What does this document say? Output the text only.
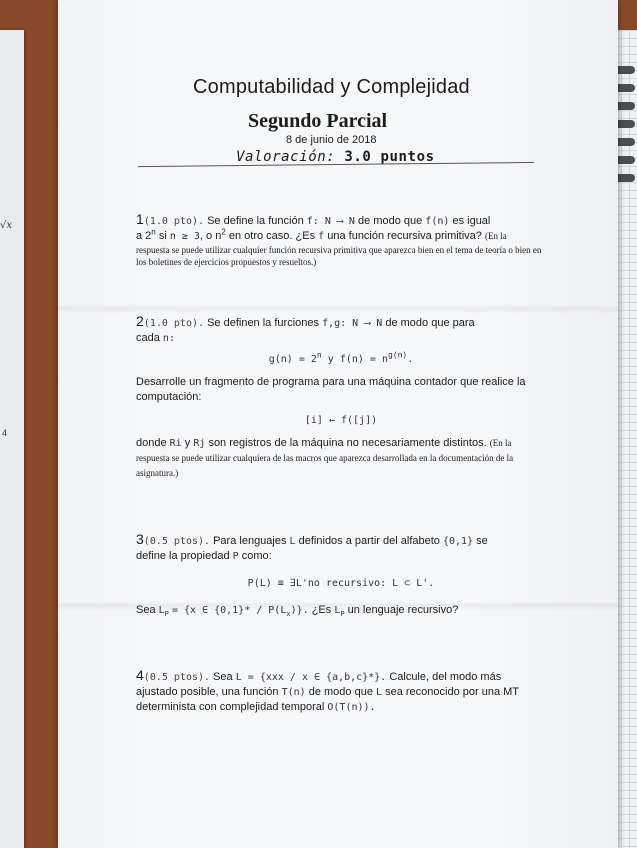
√x
4
Computabilidad y Complejidad
Segundo Parcial
8 de junio de 2018
Valoración: 3.0 puntos
1(1.0 pto). Se define la función f: N ⟶ N de modo que f(n) es igual
a 2$^n$ si n ≥ 3, o $n^2$ en otro caso. ¿Es f una función recursiva primitiva? (En la
respuesta se puede utilizar cualquier función recursiva primitiva que aparezca bien en el tema de teoría o bien en los boletines de ejercicios propuestos y resueltos.)
2(1.0 pto). Se definen la furciones f,g: N ⟶ N de modo que para
cada n:
$g(n) = 2^n$ y $f(n) = n^{g(n)}$.
Desarrolle un fragmento de programa para una máquina contador que realice la computación:
[i] ← f([j])
donde Ri y Rj son registros de la máquina no necesariamente distintos. (En la respuesta se puede utilizar cualquiera de las macros que aparezca desarrollada en la documentación de la asignatura.)
3(0.5 ptos). Para lenguajes L definidos a partir del alfabeto {0,1} se
define la propiedad P como:
P(L) ≡ ∃L'no recursivo: L ⊂ L'.
Sea $L_P = \{x$ ∈ $\{0,1\}* / P(L_x)$}. ¿Es $L_P$ un lenguaje recursivo?
4(0.5 ptos). Sea L = {xxx / x ∈ {a,b,c}*}. Calcule, del modo más
ajustado posible, una función T(n) de modo que L sea reconocido por una MT
determinista con complejidad temporal O(T(n)).
